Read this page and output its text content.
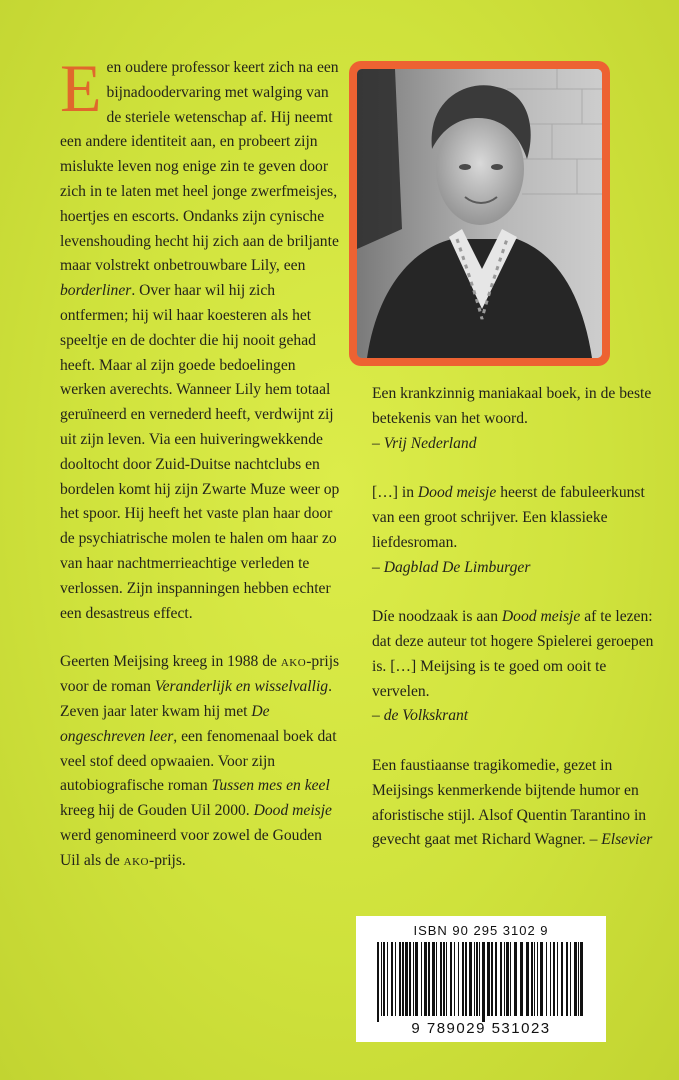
E en oudere professor keert zich na een bijnadoodervaring met walging van de steriele wetenschap af. Hij neemt een andere identiteit aan, en probeert zijn mislukte leven nog enige zin te geven door zich in te laten met heel jonge zwerfmeisjes, hoertjes en escorts. Ondanks zijn cynische levenshouding hecht hij zich aan de briljante maar volstrekt onbetrouwbare Lily, een borderliner. Over haar wil hij zich ontfermen; hij wil haar koesteren als het speeltje en de dochter die hij nooit gehad heeft. Maar al zijn goede bedoelingen werken averechts. Wanneer Lily hem totaal geruïneerd en vernederd heeft, verdwijnt zij uit zijn leven. Via een huiveringwekkende dooltocht door Zuid-Duitse nachtclubs en bordelen komt hij zijn Zwarte Muze weer op het spoor. Hij heeft het vaste plan haar door de psychiatrische molen te halen om haar zo van haar nachtmerrieachtige verleden te verlossen. Zijn inspanningen hebben echter een desastreus effect.

Geerten Meijsing kreeg in 1988 de ako-prijs voor de roman Veranderlijk en wisselvallig. Zeven jaar later kwam hij met De ongeschreven leer, een fenomenaal boek dat veel stof deed opwaaien. Voor zijn autobiografische roman Tussen mes en keel kreeg hij de Gouden Uil 2000. Dood meisje werd genomineerd voor zowel de Gouden Uil als de ako-prijs.

Een krankzinnig maniakaal boek, in de beste betekenis van het woord.

– Vrij Nederland

[…] in Dood meisje heerst de fabuleerkunst van een groot schrijver. Een klassieke liefdesroman.

– Dagblad De Limburger

Díe noodzaak is aan Dood meisje af te lezen: dat deze auteur tot hogere Spielerei geroepen is. […] Meijsing is te goed om ooit te vervelen.

– de Volkskrant

Een faustiaanse tragikomedie, gezet in Meijsings kenmerkende bijtende humor en aforistische stijl. Alsof Quentin Tarantino in gevecht gaat met Richard Wagner. – Elsevier

ISBN 90 295 3102 9
9 789029 531023
